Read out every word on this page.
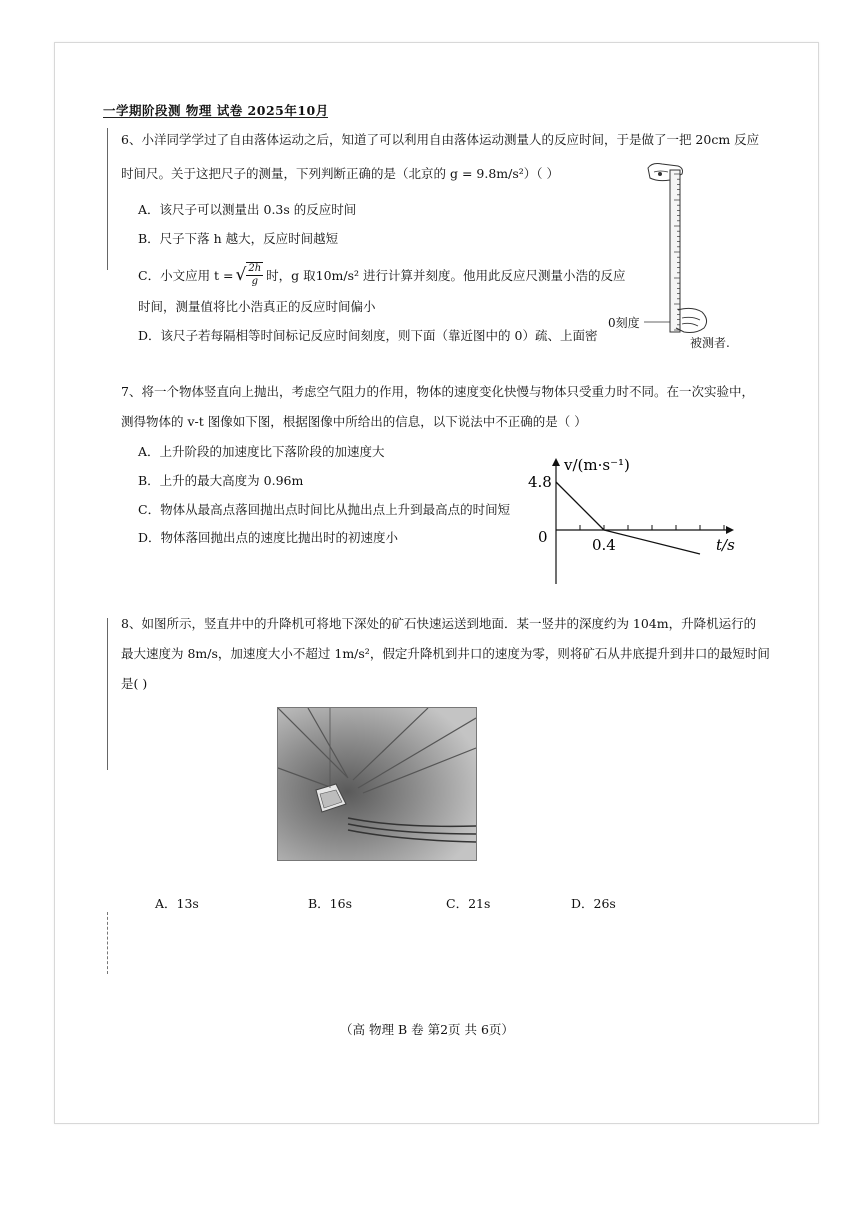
一学期阶段测 物理 试卷 2025年10月
6、小洋同学学过了自由落体运动之后，知道了可以利用自由落体运动测量人的反应时间，于是做了一把 20cm 反应
时间尺。关于这把尺子的测量，下列判断正确的是（北京的 g = 9.8m/s²）（ ）
A．该尺子可以测量出 0.3s 的反应时间
B．尺子下落 h 越大，反应时间越短
C．小文应用 t = √ $\frac{2h}{g}$ 时，g 取10m/s² 进行计算并刻度。他用此反应尺测量小浩的反应
时间，测量值将比小浩真正的反应时间偏小
D．该尺子若每隔相等时间标记反应时间刻度，则下面（靠近图中的 0）疏、上面密
0刻度
被测者.
7、将一个物体竖直向上抛出，考虑空气阻力的作用，物体的速度变化快慢与物体只受重力时不同。在一次实验中，
测得物体的 v-t 图像如下图，根据图像中所给出的信息，以下说法中不正确的是（ ）
A．上升阶段的加速度比下落阶段的加速度大
B．上升的最大高度为 0.96m
C．物体从最高点落回抛出点时间比从抛出点上升到最高点的时间短
D．物体落回抛出点的速度比抛出时的初速度小
4.8
0	0.4
v/(m·s⁻¹)
t/s
8、如图所示，竖直井中的升降机可将地下深处的矿石快速运送到地面．某一竖井的深度约为 104m，升降机运行的
最大速度为 8m/s，加速度大小不超过 1m/s²，假定升降机到井口的速度为零，则将矿石从井底提升到井口的最短时间
是( )
A．13s	B．16s	C．21s	D．26s
（高 物理 B 卷 第2页 共 6页）
